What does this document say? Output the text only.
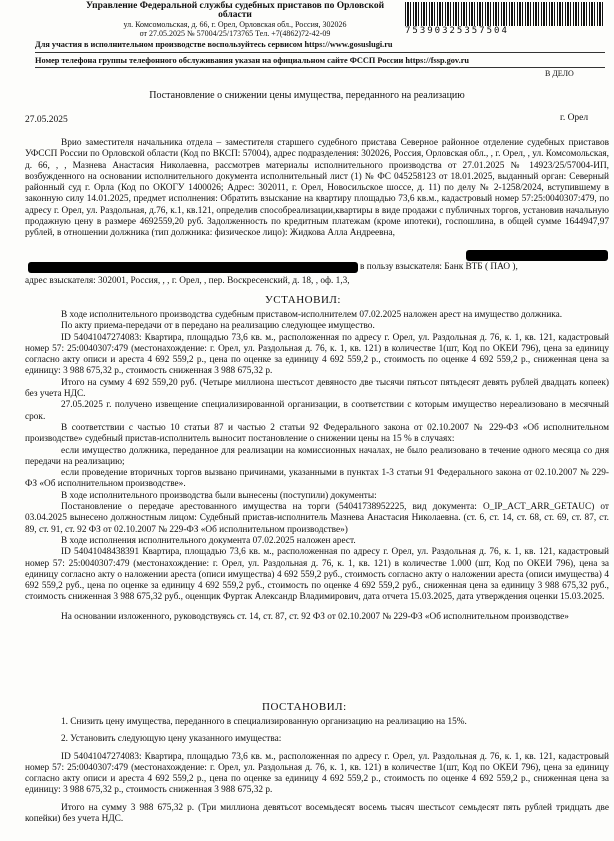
Управление Федеральной службы судебных приставов по Орловской области
ул. Комсомольская, д. 66, г. Орел, Орловская обл., Россия, 302026
от 27.05.2025 № 57004/25/173765 Тел. +7(4862)72-42-09	75390325357504
Для участия в исполнительном производстве воспользуйтесь сервисом https://www.gosuslugi.ru
Номер телефона группы телефонного обслуживания указан на официальном сайте ФССП России https://fssp.gov.ru
В ДЕЛО
Постановление о снижении цены имущества, переданного на реализацию
27.05.2025	г. Орел

Врио заместителя начальника отдела – заместителя старшего судебного пристава Северное районное отделение судебных приставов УФССП России по Орловской области (Код по ВКСП: 57004), адрес подразделения: 302026, Россия, Орловская обл., , г. Орел, , ул. Комсомольская, д. 66, , , Мазнева Анастасия Николаевна, рассмотрев материалы исполнительного производства от 27.01.2025 № 14923/25/57004-ИП, возбужденного на основании исполнительного документа исполнительный лист (1) № ФС 045258123 от 18.01.2025, выданный орган: Северный районный суд г. Орла (Код по ОКОГУ 1400026; Адрес: 302011, г. Орел, Новосильское шоссе, д. 11) по делу № 2-1258/2024, вступившему в законную силу 14.01.2025, предмет исполнения: Обратить взыскание на квартиру площадью 73,6 кв.м., кадастровый номер 57:25:0040307:479, по адресу г. Орел, ул. Раздольная, д.76, к.1, кв.121, определив способреализации,квартиры в виде продажи с публичных торгов, установив начальную продажную цену в размере 4692559,20 руб. Задолженность по кредитным платежам (кроме ипотеки), госпошлина, в общей сумме 1644947,97 рублей, в отношении должника (тип должника: физическое лицо): Жидкова Алла Андреевна,

в пользу взыскателя: Банк ВТБ ( ПАО ),
адрес взыскателя: 302001, Россия, , , г. Орел, , пер. Воскресенский, д. 18, , оф. 1,3,
УСТАНОВИЛ:

В ходе исполнительного производства судебным приставом-исполнителем 07.02.2025 наложен арест на имущество должника.

По акту приема-передачи от в передано на реализацию следующее имущество.

ID 54041047274083: Квартира, площадью 73,6 кв. м., расположенная по адресу г. Орел, ул. Раздольная д. 76, к. 1, кв. 121, кадастровый номер 57: 25:0040307:479 (местонахождение: г. Орел, ул. Раздольная д. 76, к. 1, кв. 121) в количестве 1(шт, Код по ОКЕИ 796), цена за единицу согласно акту описи и ареста 4 692 559,2 р., цена по оценке за единицу 4 692 559,2 р., стоимость по оценке 4 692 559,2 р., сниженная цена за единицу: 3 988 675,32 р., стоимость сниженная 3 988 675,32 р.

Итого на сумму 4 692 559,20 руб. (Четыре миллиона шестьсот девяносто две тысячи пятьсот пятьдесят девять рублей двадцать копеек) без учета НДС.

27.05.2025 г. получено извещение специализированной организации, в соответствии с которым имущество нереализовано в месячный срок.

В соответствии с частью 10 статьи 87 и частью 2 статьи 92 Федерального закона от 02.10.2007 № 229-ФЗ «Об исполнительном производстве» судебный пристав-исполнитель выносит постановление о снижении цены на 15 % в случаях:

если имущество должника, переданное для реализации на комиссионных началах, не было реализовано в течение одного месяца со дня передачи на реализацию;

если проведение вторичных торгов вызвано причинами, указанными в пунктах 1-3 статьи 91 Федерального закона от 02.10.2007 № 229-ФЗ «Об исполнительном производстве».

В ходе исполнительного производства были вынесены (поступили) документы:

Постановление о передаче арестованного имущества на торги (54041738952225, вид документа: O_IP_ACT_ARR_GETAUC) от 03.04.2025 вынесено должностным лицом: Судебный пристав-исполнитель Мазнева Анастасия Николаевна. (ст. 6, ст. 14, ст. 68, ст. 69, ст. 87, ст. 89, ст. 91, ст. 92 ФЗ от 02.10.2007 № 229-ФЗ «Об исполнительном производстве»)

В ходе исполнения исполнительного документа 07.02.2025 наложен арест.

ID 54041048438391 Квартира, площадью 73,6 кв. м., расположенная по адресу г. Орел, ул. Раздольная д. 76, к. 1, кв. 121, кадастровый номер 57: 25:0040307:479 (местонахождение: г. Орел, ул. Раздольная д. 76, к. 1, кв. 121) в количестве 1.000 (шт, Код по ОКЕИ 796), цена за единицу согласно акту о наложении ареста (описи имущества) 4 692 559,2 руб., стоимость согласно акту о наложении ареста (описи имущества) 4 692 559,2 руб., цена по оценке за единицу 4 692 559,2 руб., стоимость по оценке 4 692 559,2 руб., сниженная цена за единицу 3 988 675,32 руб., стоимость сниженная 3 988 675,32 руб., оценщик Фуртак Александр Владимирович, дата отчета 15.03.2025, дата утверждения оценки 15.03.2025.

На основании изложенного, руководствуясь ст. 14, ст. 87, ст. 92 ФЗ от 02.10.2007 № 229-ФЗ «Об исполнительном производстве»

ПОСТАНОВИЛ:

1. Снизить цену имущества, переданного в специализированную организацию на реализацию на 15%.

2. Установить следующую цену указанного имущества:

ID 54041047274083: Квартира, площадью 73,6 кв. м., расположенная по адресу г. Орел, ул. Раздольная д. 76, к. 1, кв. 121, кадастровый номер 57: 25:0040307:479 (местонахождение: г. Орел, ул. Раздольная д. 76, к. 1, кв. 121) в количестве 1(шт, Код по ОКЕИ 796), цена за единицу согласно акту описи и ареста 4 692 559,2 р., цена по оценке за единицу 4 692 559,2 р., стоимость по оценке 4 692 559,2 р., сниженная цена за единицу: 3 988 675,32 р., стоимость сниженная 3 988 675,32 р.

Итого на сумму 3 988 675,32 р. (Три миллиона девятьсот восемьдесят восемь тысяч шестьсот семьдесят пять рублей тридцать две копейки) без учета НДС.
